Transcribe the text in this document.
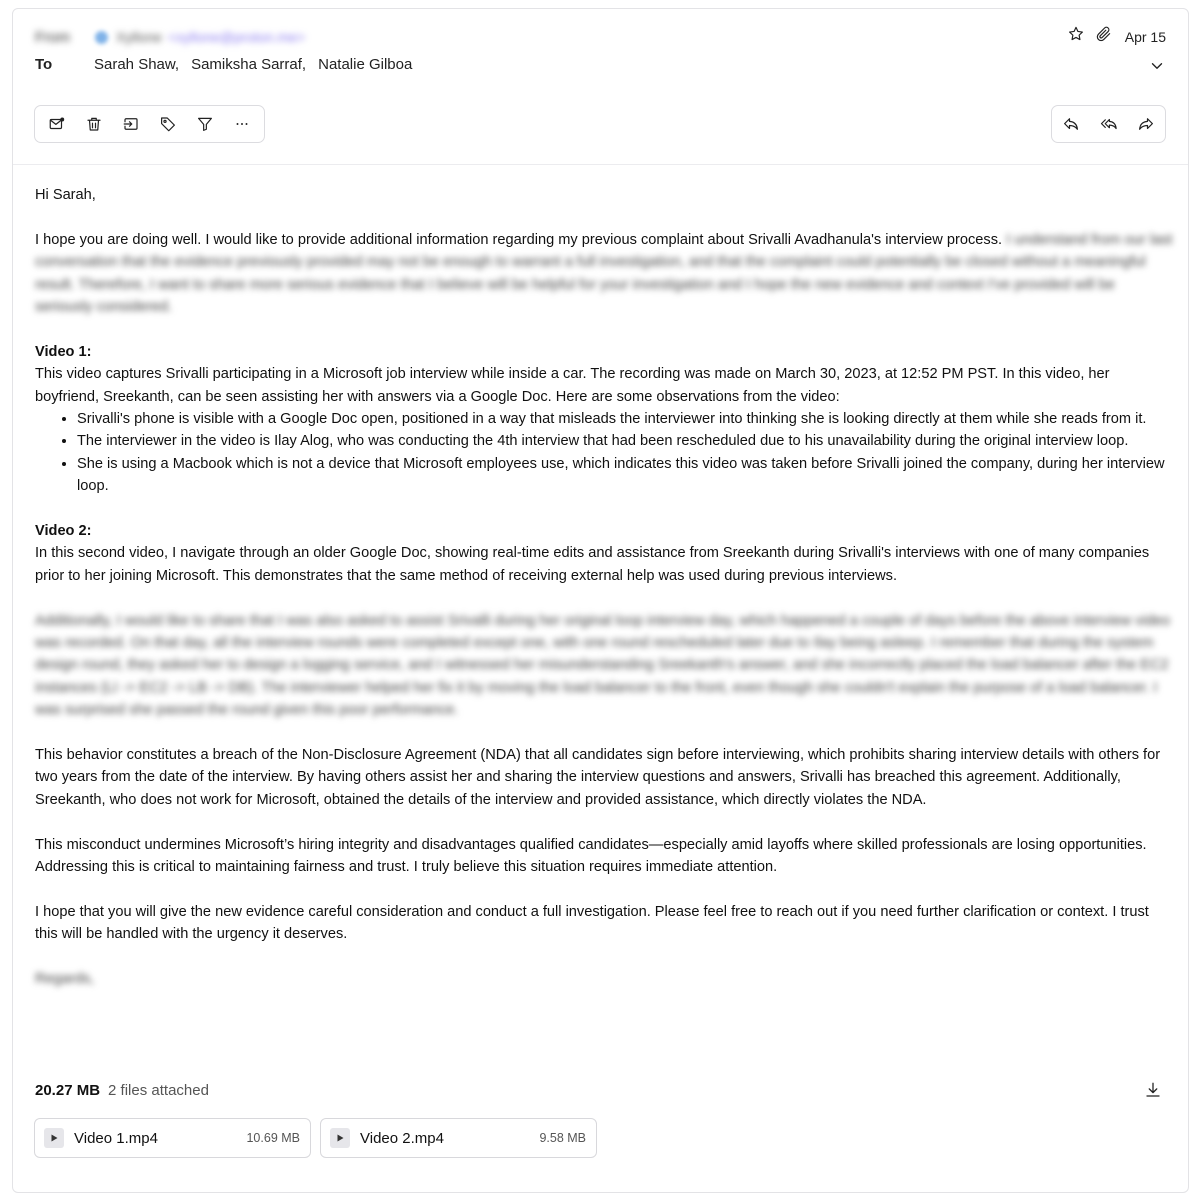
From	Xyllone <xyllone@proton.me>	Apr 15
To	Sarah Shaw, Samiksha Sarraf, Natalie Gilboa

Hi Sarah,

I hope you are doing well. I would like to provide additional information regarding my previous complaint about Srivalli Avadhanula's interview process. I understand from our last conversation that the evidence previously provided may not be enough to warrant a full investigation, and that the complaint could potentially be closed without a meaningful result. Therefore, I want to share more serious evidence that I believe will be helpful for your investigation and I hope the new evidence and context I've provided will be seriously considered.

Video 1:
This video captures Srivalli participating in a Microsoft job interview while inside a car. The recording was made on March 30, 2023, at 12:52 PM PST. In this video, her boyfriend, Sreekanth, can be seen assisting her with answers via a Google Doc. Here are some observations from the video:
• Srivalli's phone is visible with a Google Doc open, positioned in a way that misleads the interviewer into thinking she is looking directly at them while she reads from it.
• The interviewer in the video is Ilay Alog, who was conducting the 4th interview that had been rescheduled due to his unavailability during the original interview loop.
• She is using a Macbook which is not a device that Microsoft employees use, which indicates this video was taken before Srivalli joined the company, during her interview loop.
Video 2:

In this second video, I navigate through an older Google Doc, showing real-time edits and assistance from Sreekanth during Srivalli's interviews with one of many companies prior to her joining Microsoft. This demonstrates that the same method of receiving external help was used during previous interviews.

Additionally, I would like to share that I was also asked to assist Srivalli during her original loop interview day, which happened a couple of days before the above interview video was recorded. On that day, all the interview rounds were completed except one, with one round rescheduled later due to Ilay being asleep. I remember that during the system design round, they asked her to design a logging service, and I witnessed her misunderstanding Sreekanth's answer, and she incorrectly placed the load balancer after the EC2 instances (LI -> EC2 -> LB -> DB). The interviewer helped her fix it by moving the load balancer to the front, even though she couldn't explain the purpose of a load balancer. I was surprised she passed the round given this poor performance.

This behavior constitutes a breach of the Non-Disclosure Agreement (NDA) that all candidates sign before interviewing, which prohibits sharing interview details with others for two years from the date of the interview. By having others assist her and sharing the interview questions and answers, Srivalli has breached this agreement. Additionally, Sreekanth, who does not work for Microsoft, obtained the details of the interview and provided assistance, which directly violates the NDA.

This misconduct undermines Microsoft’s hiring integrity and disadvantages qualified candidates—especially amid layoffs where skilled professionals are losing opportunities. Addressing this is critical to maintaining fairness and trust. I truly believe this situation requires immediate attention.

I hope that you will give the new evidence careful consideration and conduct a full investigation. Please feel free to reach out if you need further clarification or context. I trust this will be handled with the urgency it deserves.

Regards,

20.27 MB 2 files attached
Video 1.mp4	10.69 MB	Video 2.mp4	9.58 MB
